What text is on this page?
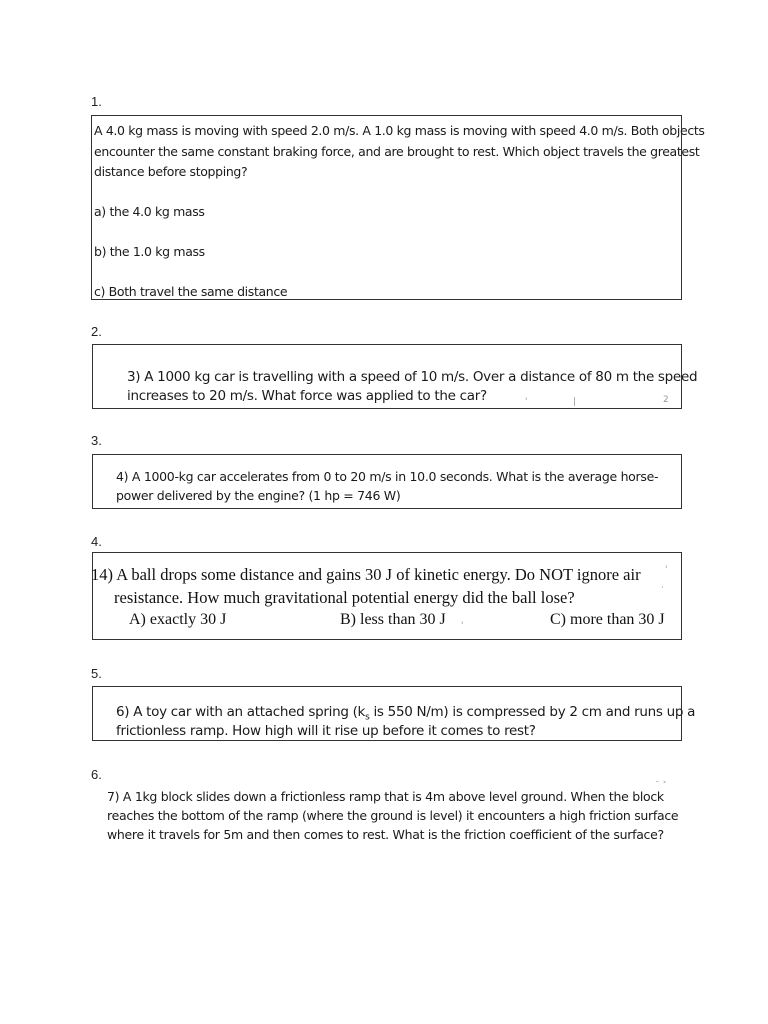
1.
A 4.0 kg mass is moving with speed 2.0 m/s. A 1.0 kg mass is moving with speed 4.0 m/s. Both objects
encounter the same constant braking force, and are brought to rest. Which object travels the greatest
distance before stopping?
a) the 4.0 kg mass
b) the 1.0 kg mass
c) Both travel the same distance
2.
3) A 1000 kg car is travelling with a speed of 10 m/s. Over a distance of 80 m the speed
increases to 20 m/s. What force was applied to the car?	'	|	2
3.
4) A 1000-kg car accelerates from 0 to 20 m/s in 10.0 seconds. What is the average horse-
power delivered by the engine? (1 hp = 746 W)
4.
14) A ball drops some distance and gains 30 J of kinetic energy. Do NOT ignore air
resistance. How much gravitational potential energy did the ball lose?
A) exactly 30 J	B) less than 30 J	C) more than 30 J
'
·
'
5.
6) A toy car with an attached spring ($k_s$ is 550 N/m) is compressed by 2 cm and runs up a
frictionless ramp. How high will it rise up before it comes to rest?
6.
7) A 1kg block slides down a frictionless ramp that is 4m above level ground. When the block
reaches the bottom of the ramp (where the ground is level) it encounters a high friction surface
where it travels for 5m and then comes to rest. What is the friction coefficient of the surface?
˘ ˃
